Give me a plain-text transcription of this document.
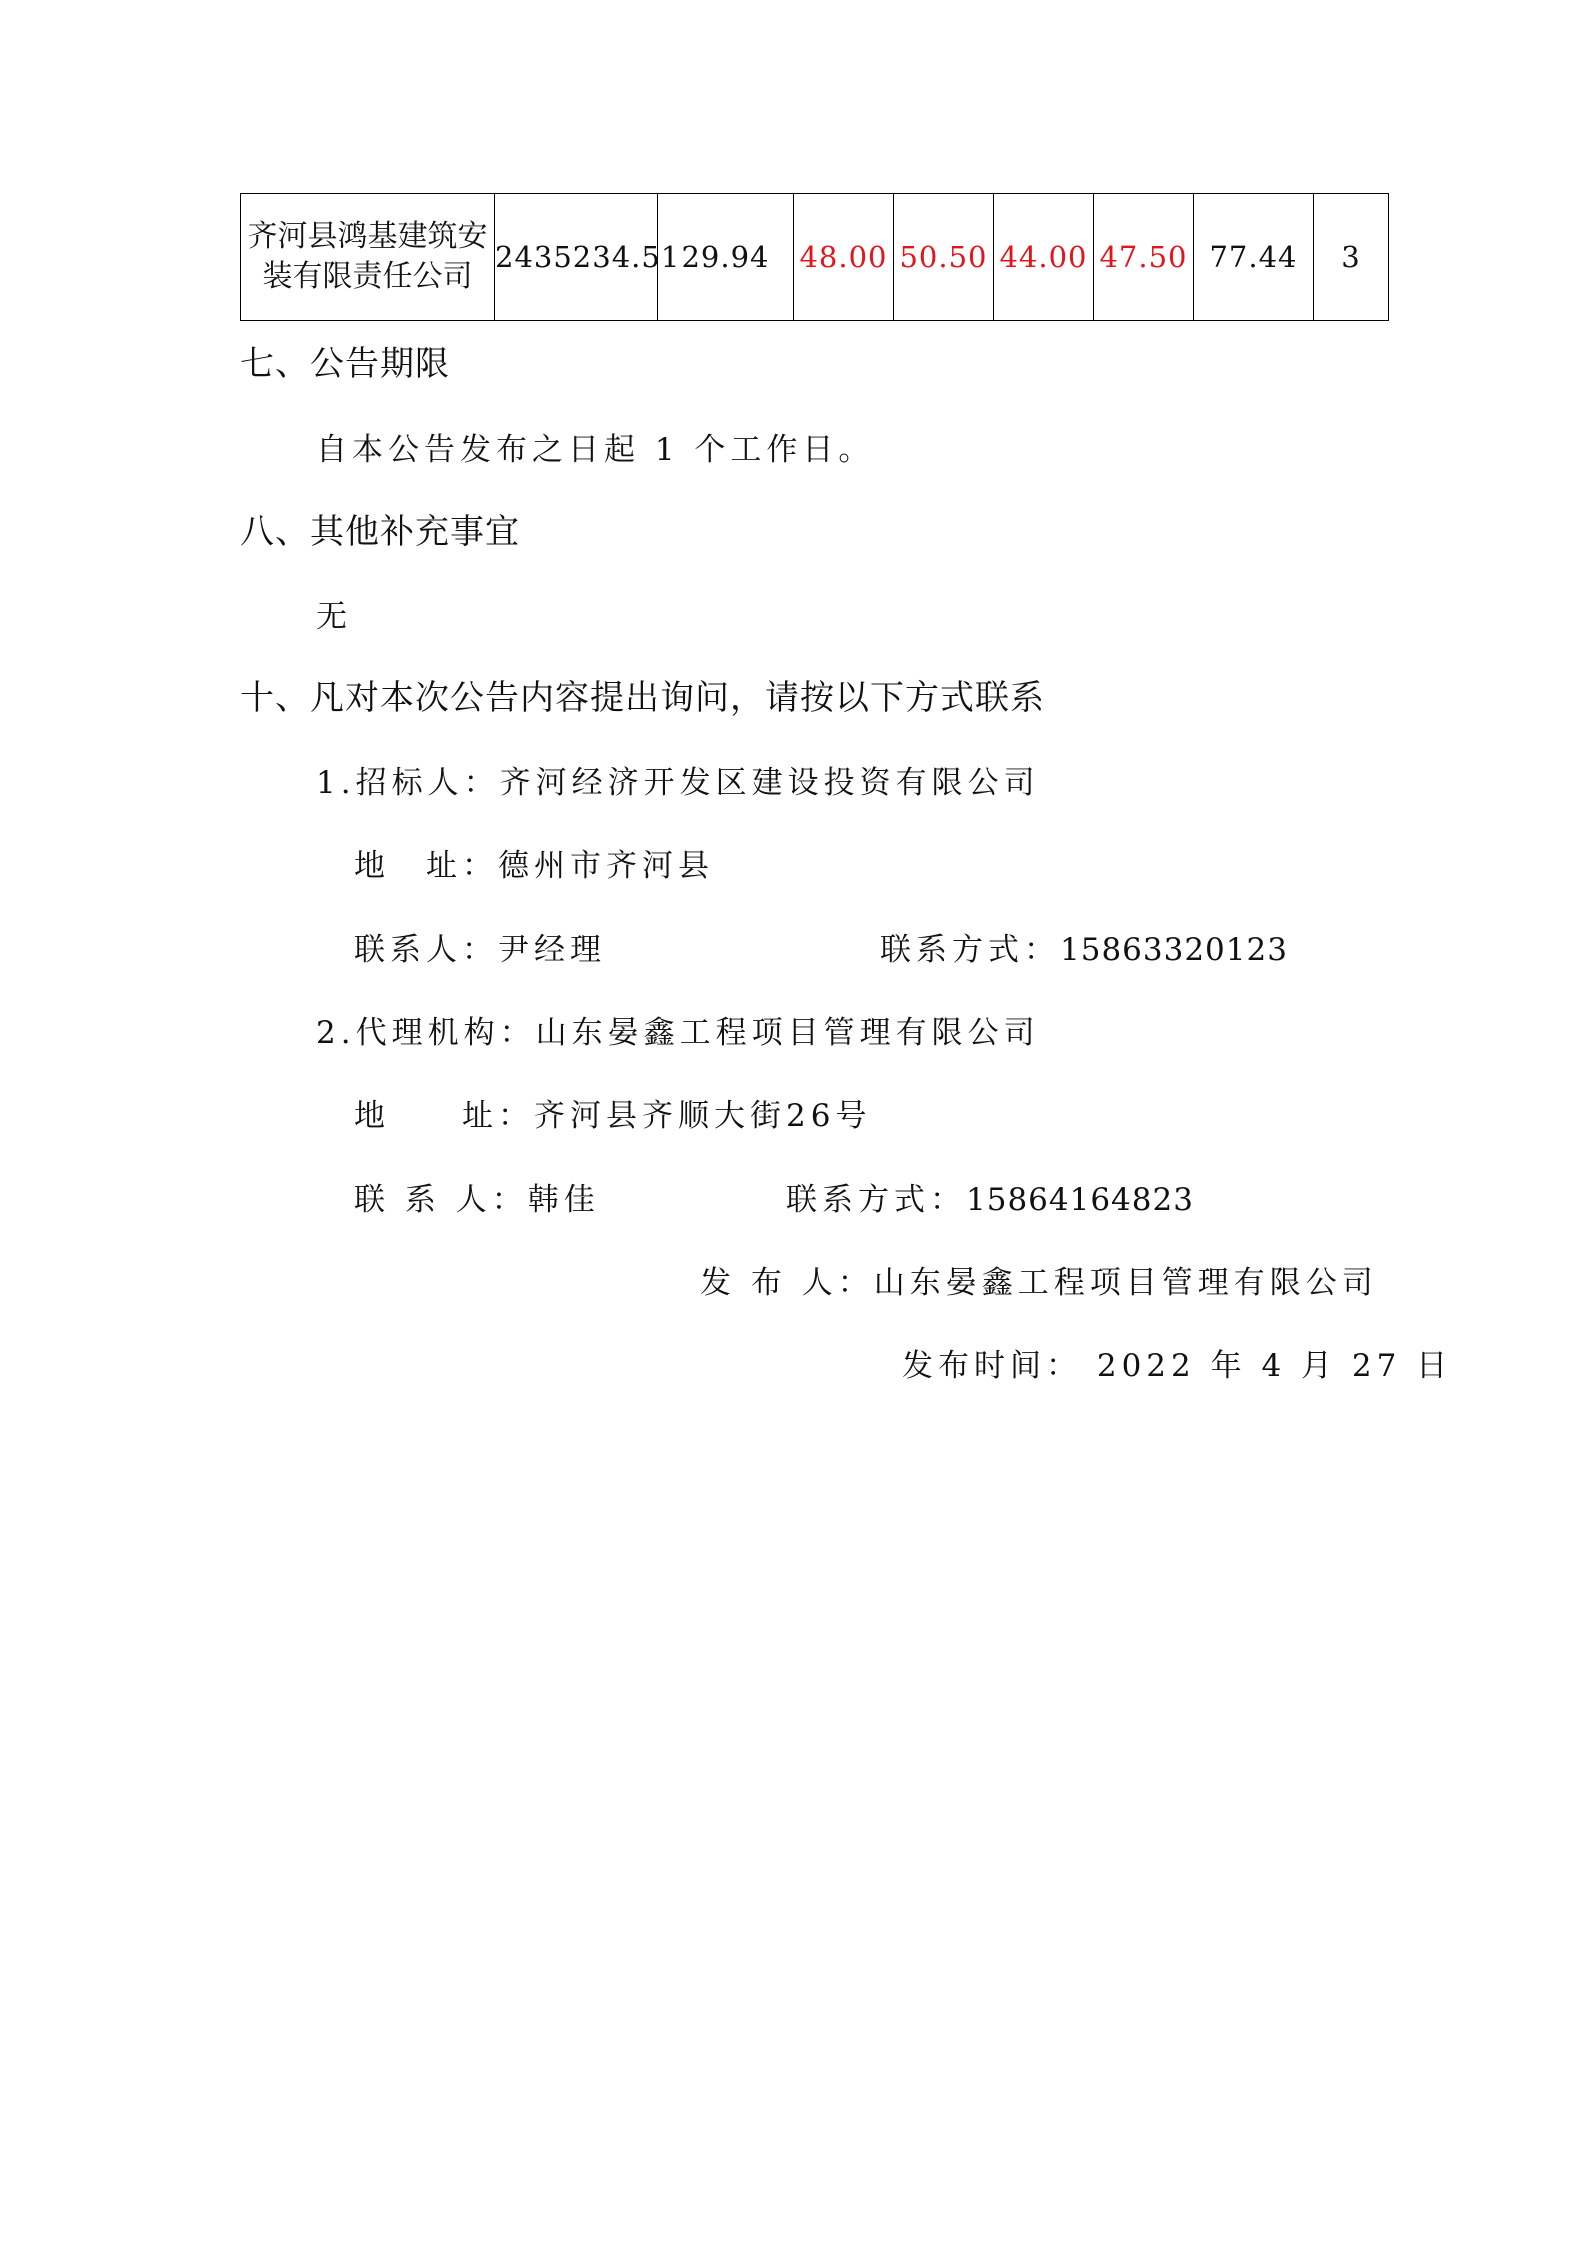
齐河县鸿基建筑安装有限责任公司	2435234.51	29.94	48.00	50.50	44.00	47.50	77.44	3
七、公告期限
自本公告发布之日起 1 个工作日。
八、其他补充事宜
无
十、凡对本次公告内容提出询问，请按以下方式联系
1.招标人：齐河经济开发区建设投资有限公司
地　址：德州市齐河县
联系人：尹经理	联系方式：15863320123
2.代理机构：山东晏鑫工程项目管理有限公司
地　　址：齐河县齐顺大街26号
联 系 人：韩佳	联系方式：15864164823
发 布 人：山东晏鑫工程项目管理有限公司
发布时间： 2022 年 4 月 27 日
